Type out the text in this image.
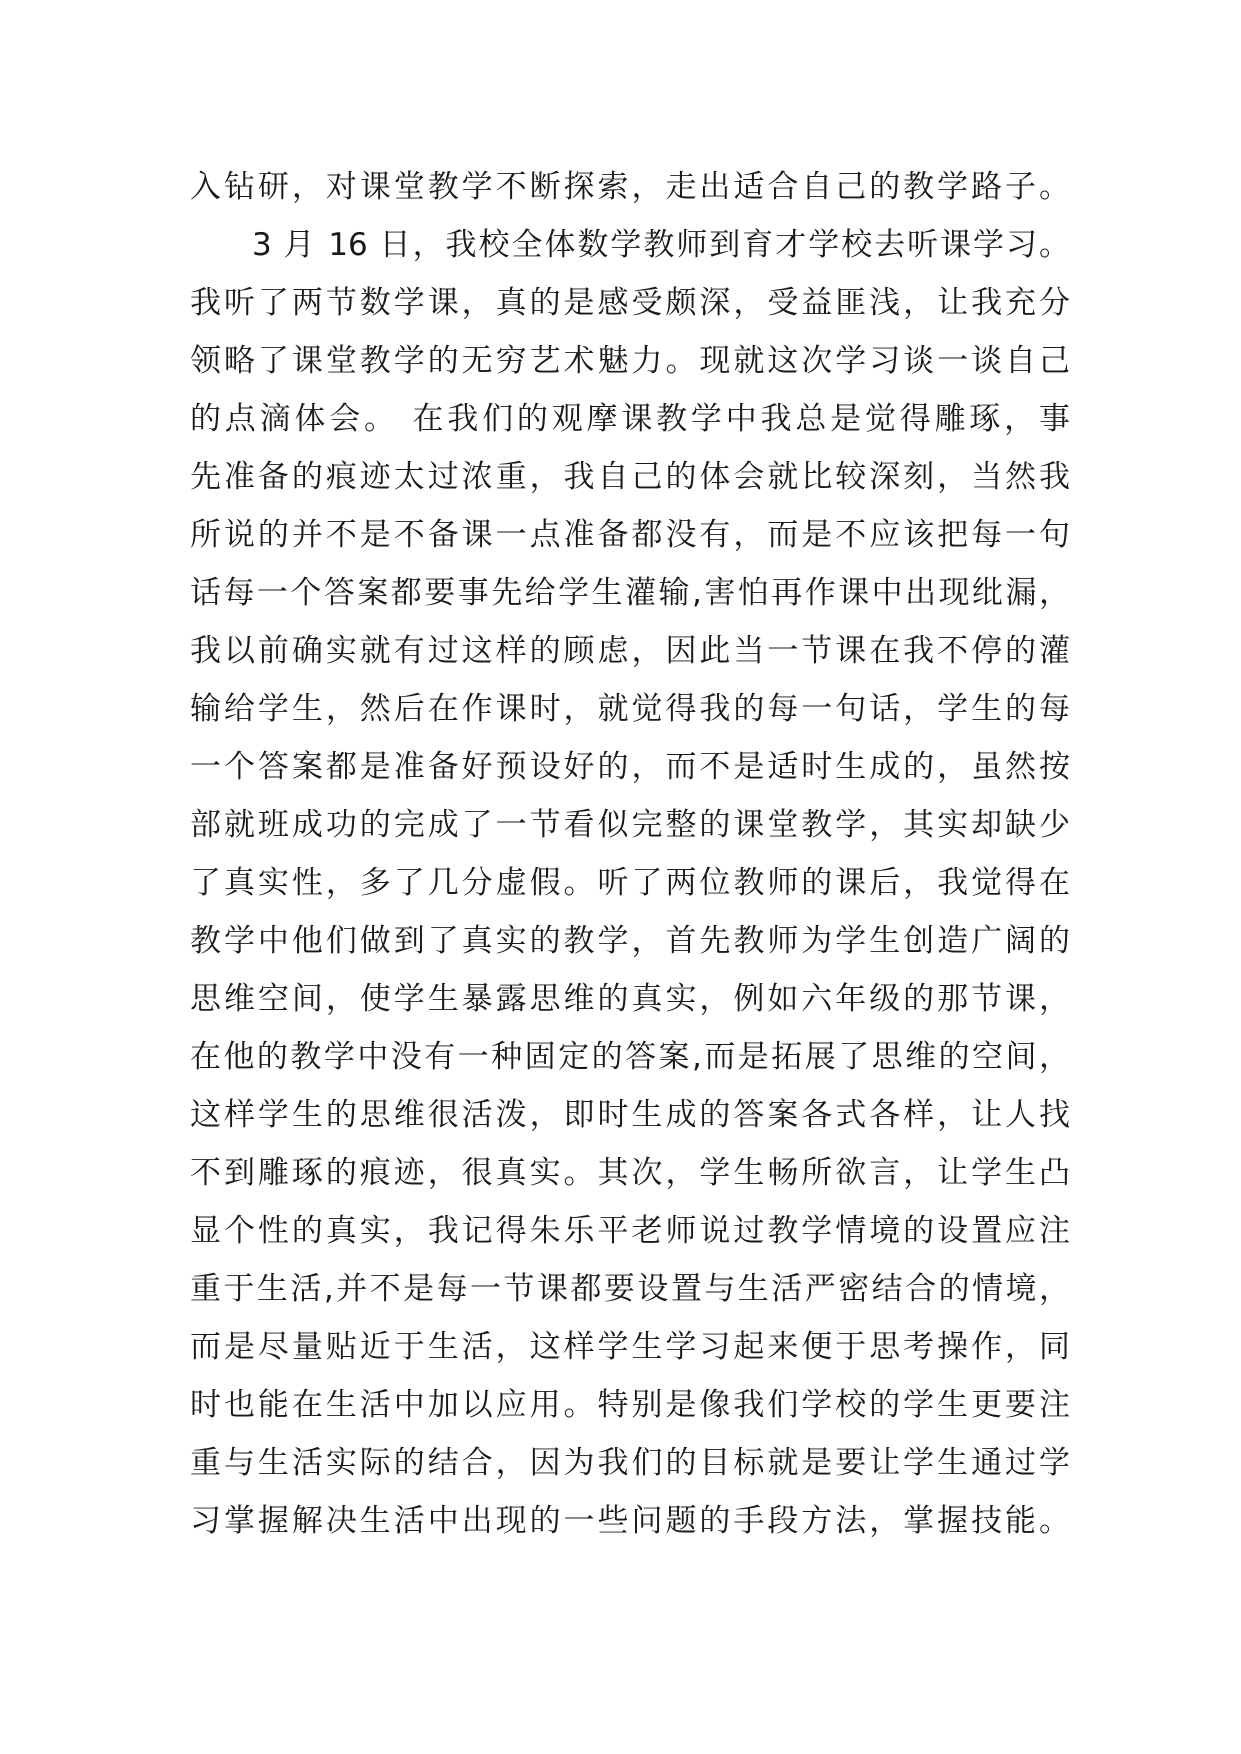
入钻研，对课堂教学不断探索，走出适合自己的教学路子。
3 月 16 日，我校全体数学教师到育才学校去听课学习。
我听了两节数学课，真的是感受颇深，受益匪浅，让我充分
领略了课堂教学的无穷艺术魅力。现就这次学习谈一谈自己
的点滴体会。 在我们的观摩课教学中我总是觉得雕琢，事
先准备的痕迹太过浓重，我自己的体会就比较深刻，当然我
所说的并不是不备课一点准备都没有，而是不应该把每一句
话每一个答案都要事先给学生灌输,害怕再作课中出现纰漏，
我以前确实就有过这样的顾虑，因此当一节课在我不停的灌
输给学生，然后在作课时，就觉得我的每一句话，学生的每
一个答案都是准备好预设好的，而不是适时生成的，虽然按
部就班成功的完成了一节看似完整的课堂教学，其实却缺少
了真实性，多了几分虚假。听了两位教师的课后，我觉得在
教学中他们做到了真实的教学，首先教师为学生创造广阔的
思维空间，使学生暴露思维的真实，例如六年级的那节课，
在他的教学中没有一种固定的答案,而是拓展了思维的空间，
这样学生的思维很活泼，即时生成的答案各式各样，让人找
不到雕琢的痕迹，很真实。其次，学生畅所欲言，让学生凸
显个性的真实，我记得朱乐平老师说过教学情境的设置应注
重于生活,并不是每一节课都要设置与生活严密结合的情境，
而是尽量贴近于生活，这样学生学习起来便于思考操作，同
时也能在生活中加以应用。特别是像我们学校的学生更要注
重与生活实际的结合，因为我们的目标就是要让学生通过学
习掌握解决生活中出现的一些问题的手段方法，掌握技能。
